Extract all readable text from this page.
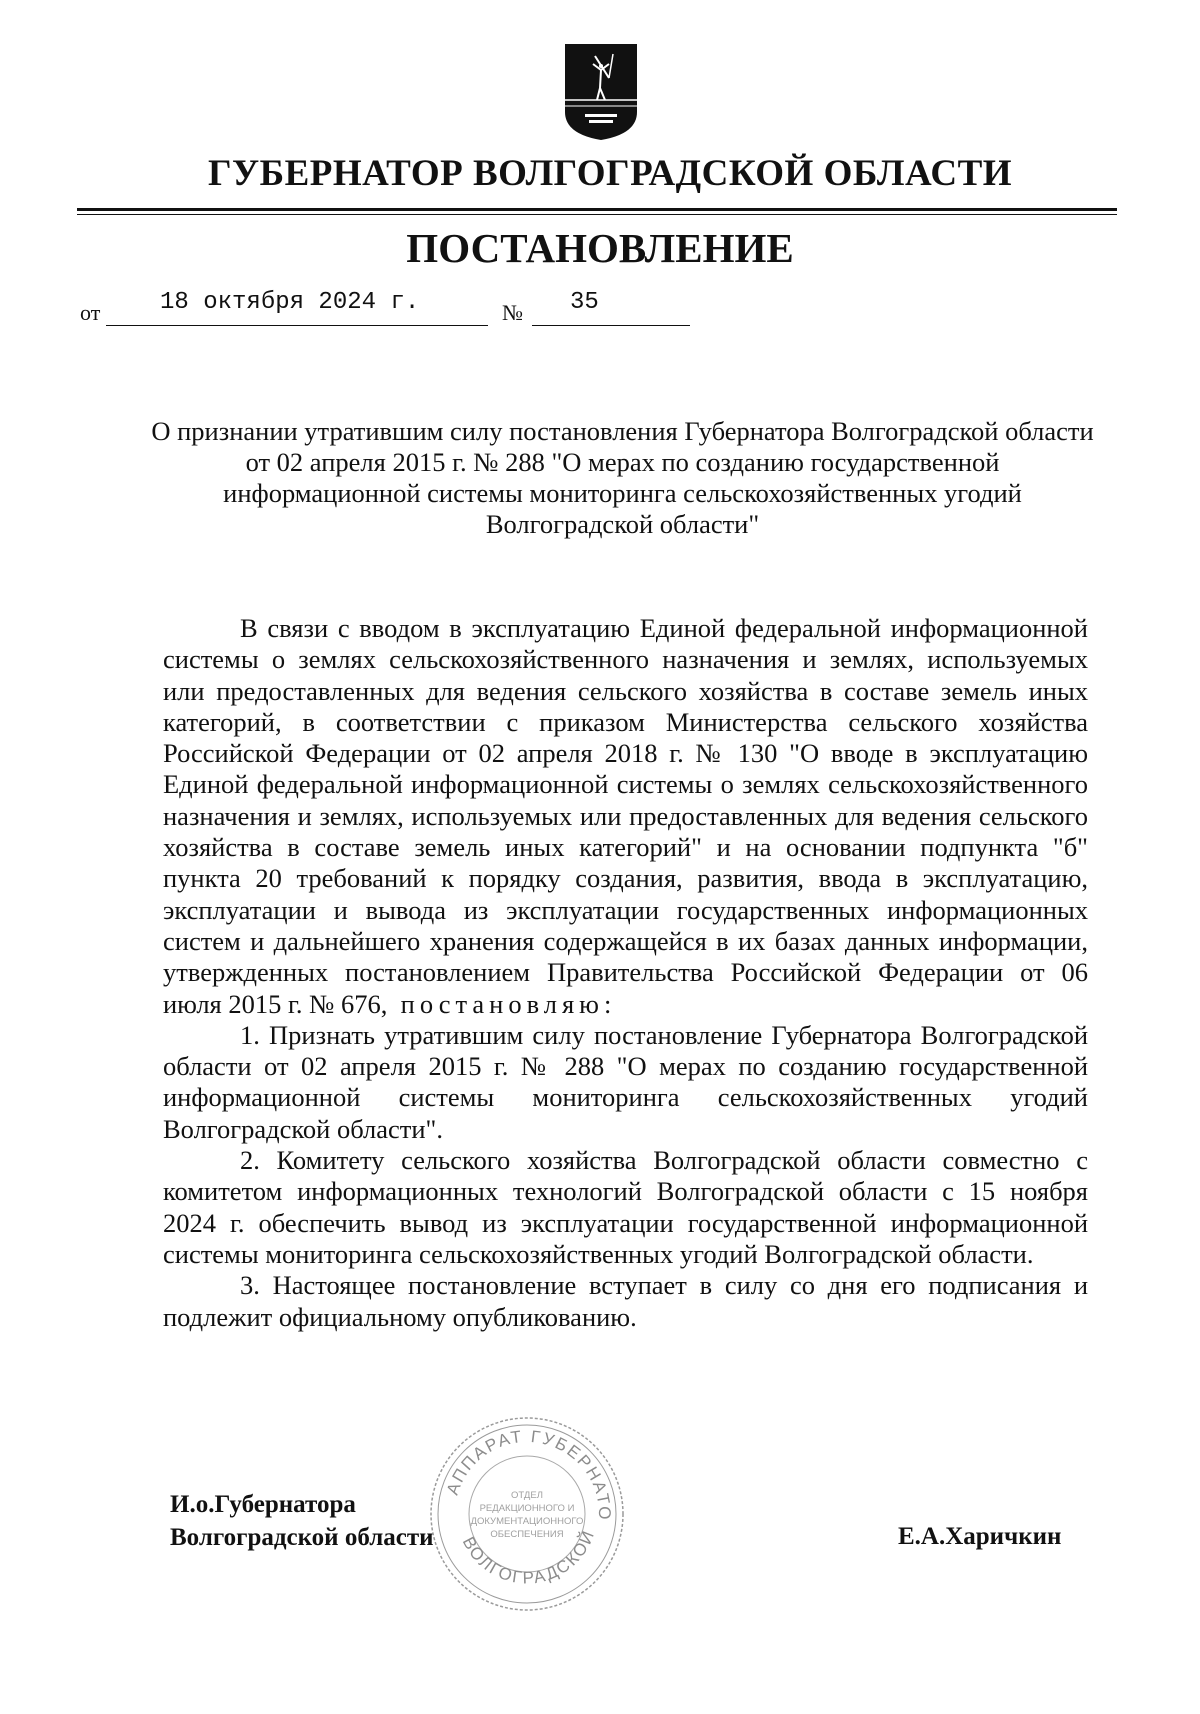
ГУБЕРНАТОР ВОЛГОГРАДСКОЙ ОБЛАСТИ
ПОСТАНОВЛЕНИЕ
от 18 октября 2024 г.	№ 35
О признании утратившим силу постановления Губернатора Волгоградской области от 02 апреля 2015 г. № 288 "О мерах по созданию государственной информационной системы мониторинга сельскохозяйственных угодий Волгоградской области"

В связи с вводом в эксплуатацию Единой федеральной информационной системы о землях сельскохозяйственного назначения и землях, используемых или предоставленных для ведения сельского хозяйства в составе земель иных категорий, в соответствии с приказом Министерства сельского хозяйства Российской Федерации от 02 апреля 2018 г. № 130 "О вводе в эксплуатацию Единой федеральной информационной системы о землях сельскохозяйственного назначения и землях, используемых или предоставленных для ведения сельского хозяйства в составе земель иных категорий" и на основании подпункта "б" пункта 20 требований к порядку создания, развития, ввода в эксплуатацию, эксплуатации и вывода из эксплуатации государственных информационных систем и дальнейшего хранения содержащейся в их базах данных информации, утвержденных постановлением Правительства Российской Федерации от 06 июля 2015 г. № 676, постановляю:

1. Признать утратившим силу постановление Губернатора Волгоградской области от 02 апреля 2015 г. № 288 "О мерах по созданию государственной информационной системы мониторинга сельскохозяйственных угодий Волгоградской области".

2. Комитету сельского хозяйства Волгоградской области совместно с комитетом информационных технологий Волгоградской области с 15 ноября 2024 г. обеспечить вывод из эксплуатации государственной информационной системы мониторинга сельскохозяйственных угодий Волгоградской области.

3. Настоящее постановление вступает в силу со дня его подписания и подлежит официальному опубликованию.

И.о.Губернатора
Волгоградской области	Е.А.Харичкин
АППАРАТ ГУБЕРНАТО
ВОЛГОГРАДСКОЙ
ОТДЕЛ
РЕДАКЦИОННОГО И
ДОКУМЕНТАЦИОННОГО
ОБЕСПЕЧЕНИЯ
